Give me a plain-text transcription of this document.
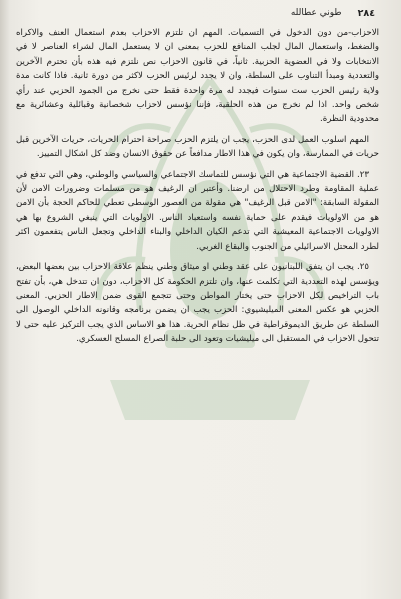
٢٨٤
طوني عطالله

الاحزاب-من دون الدخول في التسميات. المهم ان تلتزم الاحزاب بعدم استعمال العنف والاكراه والضغط، واستعمال المال لجلب المنافع للحزب بمعنى ان لا يستعمل المال لشراء العناصر لا في الانتخابات ولا في العضوية الحزبية. ثانياً، في قانون الاحزاب نص نلتزم فيه هذه بأن تحترم الآخرين والتعددية ومبدأ التناوب على السلطة، وان لا يجدد لرئيس الحزب لاكثر من دورة ثانية. فاذا كانت مدة ولاية رئيس الحزب ست سنوات فيجدد له مرة واحدة فقط حتى نخرج من الجمود الحزبي عند رأي شخص واحد. اذا لم نخرج من هذه الحلقية، فإننا نؤسس لاحزاب شخصانية وقبائلية وعشائرية مع محدودية النظرة.

المهم اسلوب العمل لدى الحزب، يجب ان يلتزم الحزب صراحة احترام الحريات، حريات الآخرين قبل حريات في الممارسة، وان يكون في هذا الاطار مدافعاً عن حقوق الانسان وضد كل اشكال التمييز.

٢٣. القضية الاجتماعية هي التي نؤسس للتماسك الاجتماعي والسياسي والوطني، وهي التي تدفع في عملية المقاومة وطرد الاحتلال من ارضنا. وأعتبر ان الرغيف هو من مسلمات وضرورات الامن لأن المقولة السابقة: "الامن قبل الرغيف" هي مقولة من العصور الوسطى تعطي للحاكم الحجة بأن الامن هو من الاولويات فيقدم على حماية نفسه واستعباد الناس. الاولويات التي ينبغي الشروع بها هي الاولويات الاجتماعية المعيشية التي تدعم الكيان الداخلي والبناء الداخلي وتجعل الناس يتفعمون اكثر لطرد المحتل الاسرائيلي من الجنوب والبقاع الغربي.

٢٥. يجب ان يتفق اللبنانيون على عقد وطني او ميثاق وطني ينظم علاقة الاحزاب بين بعضها البعض، ويؤسس لهذه التعددية التي تكلمت عنها، وان تلتزم الحكومة كل الاحزاب، دون ان تتدخل هي، بأن تفتح باب التراخيص لكل الاحزاب حتى يختار المواطن وحتى تتجمع القوى ضمن الاطار الحزبي. المعنى الحزبي هو عكس المعنى الميليشيوي: الحزب يجب ان يضمن برنامجه وقانونه الداخلي الوصول الى السلطة عن طريق الديموقراطية في ظل نظام الحرية. هذا هو الاساس الذي يجب التركيز عليه حتى لا تتحول الاحزاب في المستقبل الى ميليشيات وتعود الى حلبة الصراع المسلح العسكري.
